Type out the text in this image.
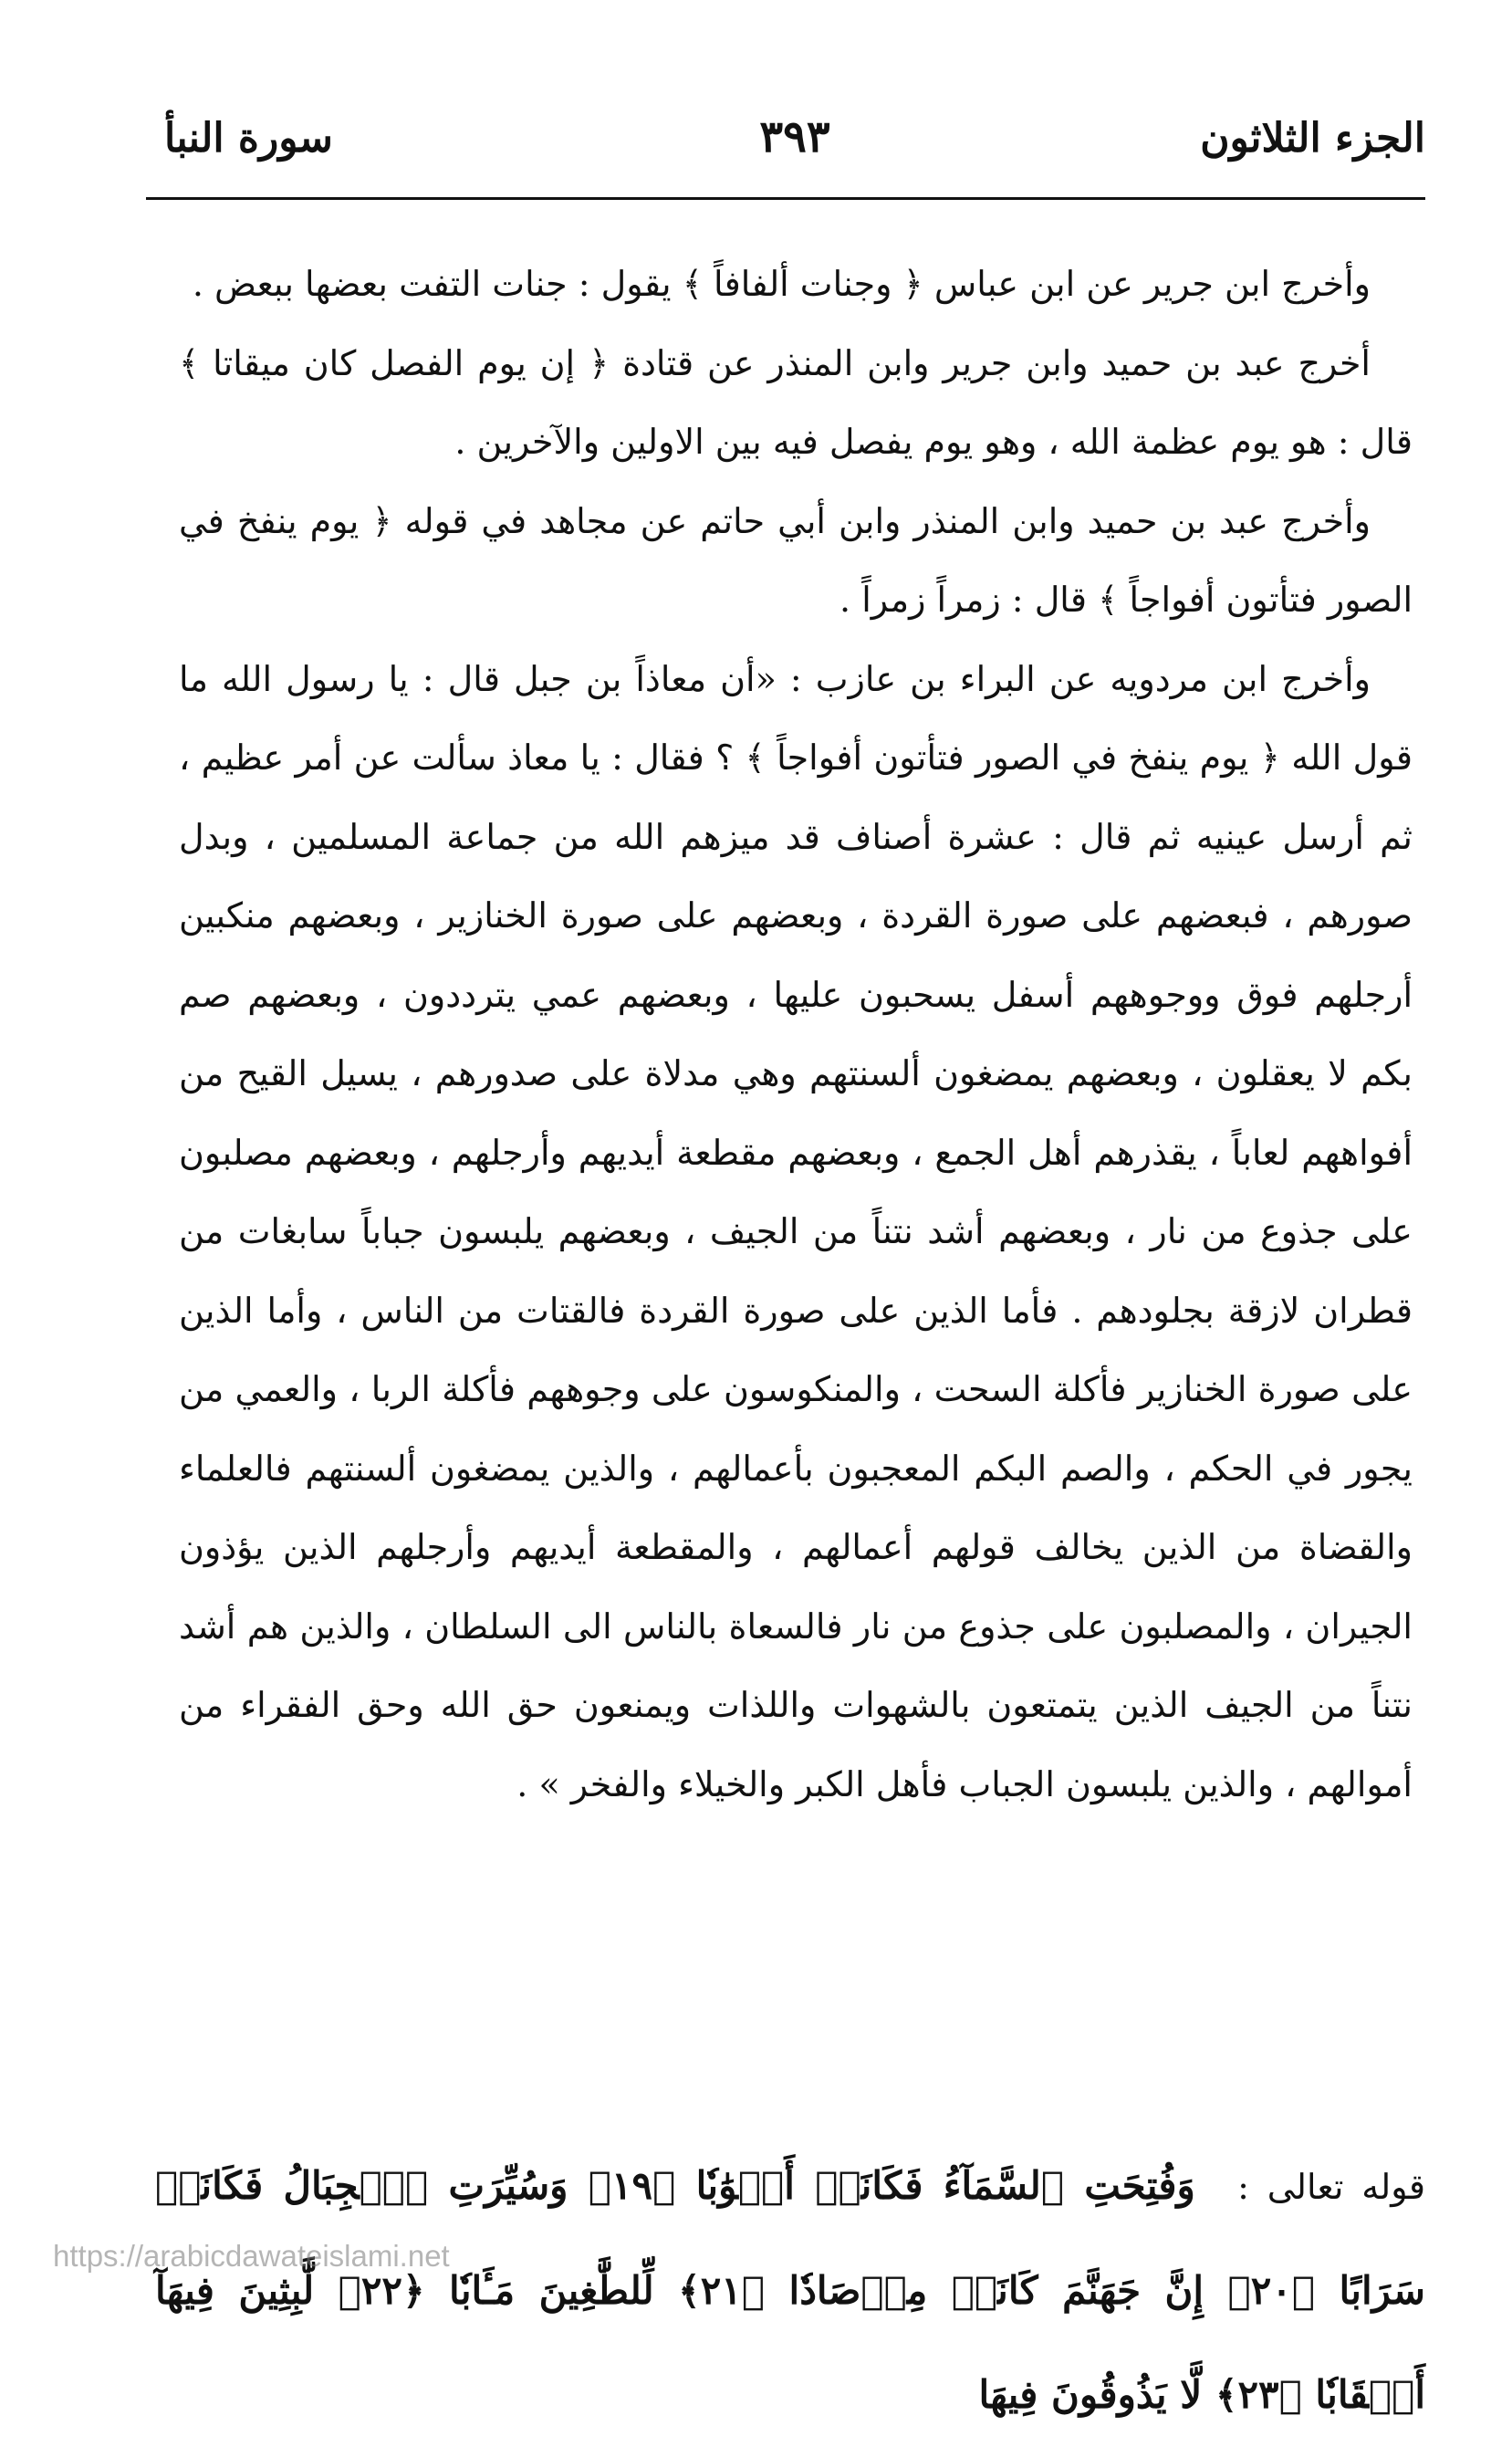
الجزء الثلاثون
٣٩٣
سورة النبأ

وأخرج ابن جرير عن ابن عباس ﴿ وجنات ألفافاً ﴾ يقول : جنات التفت بعضها ببعض .

أخرج عبد بن حميد وابن جرير وابن المنذر عن قتادة ﴿ إن يوم الفصل كان ميقاتا ﴾ قال : هو يوم عظمة الله ، وهو يوم يفصل فيه بين الاولين والآخرين .

وأخرج عبد بن حميد وابن المنذر وابن أبي حاتم عن مجاهد في قوله ﴿ يوم ينفخ في الصور فتأتون أفواجاً ﴾ قال : زمراً زمراً .

وأخرج ابن مردويه عن البراء بن عازب : «أن معاذاً بن جبل قال : يا رسول الله ما قول الله ﴿ يوم ينفخ في الصور فتأتون أفواجاً ﴾ ؟ فقال : يا معاذ سألت عن أمر عظيم ، ثم أرسل عينيه ثم قال : عشرة أصناف قد ميزهم الله من جماعة المسلمين ، وبدل صورهم ، فبعضهم على صورة القردة ، وبعضهم على صورة الخنازير ، وبعضهم منكبين أرجلهم فوق ووجوههم أسفل يسحبون عليها ، وبعضهم عمي يترددون ، وبعضهم صم بكم لا يعقلون ، وبعضهم يمضغون ألسنتهم وهي مدلاة على صدورهم ، يسيل القيح من أفواههم لعاباً ، يقذرهم أهل الجمع ، وبعضهم مقطعة أيديهم وأرجلهم ، وبعضهم مصلبون على جذوع من نار ، وبعضهم أشد نتناً من الجيف ، وبعضهم يلبسون جباباً سابغات من قطران لازقة بجلودهم . فأما الذين على صورة القردة فالقتات من الناس ، وأما الذين على صورة الخنازير فأكلة السحت ، والمنكوسون على وجوههم فأكلة الربا ، والعمي من يجور في الحكم ، والصم البكم المعجبون بأعمالهم ، والذين يمضغون ألسنتهم فالعلماء والقضاة من الذين يخالف قولهم أعمالهم ، والمقطعة أيديهم وأرجلهم الذين يؤذون الجيران ، والمصلبون على جذوع من نار فالسعاة بالناس الى السلطان ، والذين هم أشد نتناً من الجيف الذين يتمتعون بالشهوات واللذات ويمنعون حق الله وحق الفقراء من أموالهم ، والذين يلبسون الجباب فأهل الكبر والخيلاء والفخر » .

قوله تعالى : وَفُتِحَتِ ٱلسَّمَآءُ فَكَانَتۡ أَبۡوَٰبٗا ﴿١٩﴾ وَسُيِّرَتِ ٱلۡجِبَالُ فَكَانَتۡ سَرَابًا ﴿٢٠﴾ إِنَّ جَهَنَّمَ كَانَتۡ مِرۡصَادٗا ﴿٢١﴾ لِّلطَّٰغِينَ مَـَٔابٗا ﴿٢٢﴾ لَّٰبِثِينَ فِيهَآ أَحۡقَابٗا ﴿٢٣﴾ لَّا يَذُوقُونَ فِيهَا
https://arabicdawateislami.net
